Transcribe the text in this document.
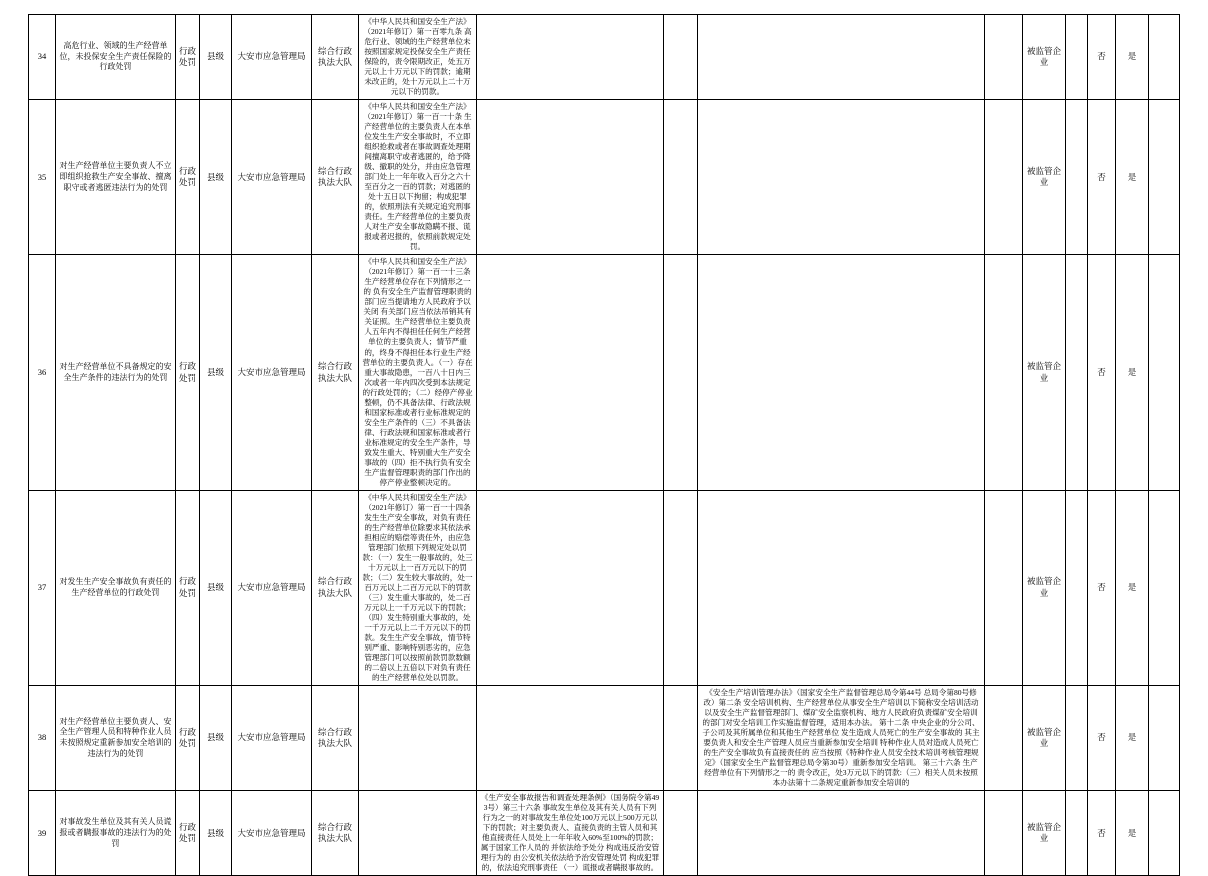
34	高危行业、领域的生产经营单位，未投保安全生产责任保险的行政处罚	行政处罚	县级	大安市应急管理局	综合行政执法大队	《中华人民共和国安全生产法》（2021年修订）第一百零九条 高危行业、领域的生产经营单位未按照国家规定投保安全生产责任保险的，责令限期改正，处五万元以上十万元以下的罚款；逾期未改正的，处十万元以上二十万元以下的罚款。					被监管企业		否	是	
35	对生产经营单位主要负责人不立即组织抢救生产安全事故、擅离职守或者逃匿违法行为的处罚	行政处罚	县级	大安市应急管理局	综合行政执法大队	《中华人民共和国安全生产法》（2021年修订）第一百一十条 生产经营单位的主要负责人在本单位发生生产安全事故时，不立即组织抢救或者在事故调查处理期间擅离职守或者逃匿的，给予降级、撤职的处分，并由应急管理部门处上一年年收入百分之六十至百分之一百的罚款；对逃匿的处十五日以下拘留；构成犯罪的，依照刑法有关规定追究刑事责任。生产经营单位的主要负责人对生产安全事故隐瞒不报、谎报或者迟报的，依照前款规定处罚。					被监管企业		否	是	
36	对生产经营单位不具备规定的安全生产条件的违法行为的处罚	行政处罚	县级	大安市应急管理局	综合行政执法大队	《中华人民共和国安全生产法》（2021年修订）第一百一十三条 生产经营单位存在下列情形之一的 负有安全生产监督管理职责的部门应当提请地方人民政府予以关闭 有关部门应当依法吊销其有关证照。生产经营单位主要负责人五年内不得担任任何生产经营单位的主要负责人；情节严重的，终身不得担任本行业生产经营单位的主要负责人。（一）存在重大事故隐患，一百八十日内三次或者一年内四次受到本法规定的行政处罚的；（二）经停产停业整顿，仍不具备法律、行政法规和国家标准或者行业标准规定的安全生产条件的（三）不具备法律、行政法规和国家标准或者行业标准规定的安全生产条件，导致发生重大、特别重大生产安全事故的（四）拒不执行负有安全生产监督管理职责的部门作出的停产停业整顿决定的。					被监管企业		否	是	
37	对发生生产安全事故负有责任的生产经营单位的行政处罚	行政处罚	县级	大安市应急管理局	综合行政执法大队	《中华人民共和国安全生产法》（2021年修订）第一百一十四条发生生产安全事故，对负有责任的生产经营单位除要求其依法承担相应的赔偿等责任外，由应急管理部门依照下列规定处以罚款：（一）发生一般事故的，处三十万元以上一百万元以下的罚款；（二）发生较大事故的，处一百万元以上二百万元以下的罚款（三）发生重大事故的，处二百万元以上一千万元以下的罚款；（四）发生特别重大事故的，处一千万元以上二千万元以下的罚款。发生生产安全事故，情节特别严重、影响特别恶劣的，应急管理部门可以按照前款罚款数额的二倍以上五倍以下对负有责任的生产经营单位处以罚款。					被监管企业		否	是	
38	对生产经营单位主要负责人、安全生产管理人员和特种作业人员未按照规定重新参加安全培训的违法行为的处罚	行政处罚	县级	大安市应急管理局	综合行政执法大队				《安全生产培训管理办法》（国家安全生产监督管理总局令第44号 总局令第80号修改）第二条 安全培训机构、生产经营单位从事安全生产培训以下简称安全培训活动以及安全生产监督管理部门、煤矿安全监察机构、地方人民政府负责煤矿安全培训的部门对安全培训工作实施监督管理，适用本办法。 第十二条 中央企业的分公司、子公司及其所属单位和其他生产经营单位 发生造成人员死亡的生产安全事故的 其主要负责人和安全生产管理人员应当重新参加安全培训 特种作业人员对造成人员死亡的生产安全事故负有直接责任的 应当按照《特种作业人员安全技术培训考核管理规定》（国家安全生产监督管理总局令第30号）重新参加安全培训。 第三十六条 生产经营单位有下列情形之一的 责令改正，处3万元以下的罚款:（三）相关人员未按照本办法第十二条规定重新参加安全培训的		被监管企业		否	是	
39	对事故发生单位及其有关人员谎报或者瞒报事故的违法行为的处罚	行政处罚	县级	大安市应急管理局	综合行政执法大队		《生产安全事故报告和调查处理条例》（国务院令第493号）第三十六条 事故发生单位及其有关人员有下列行为之一的对事故发生单位处100万元以上500万元以下的罚款；对主要负责人、直接负责的主管人员和其他直接责任人员处上一年年收入60%至100%的罚款；属于国家工作人员的 并依法给予处分 构成违反治安管理行为的 由公安机关依法给予治安管理处罚 构成犯罪的，依法追究刑事责任 （一）谎报或者瞒报事故的。				被监管企业		否	是	
